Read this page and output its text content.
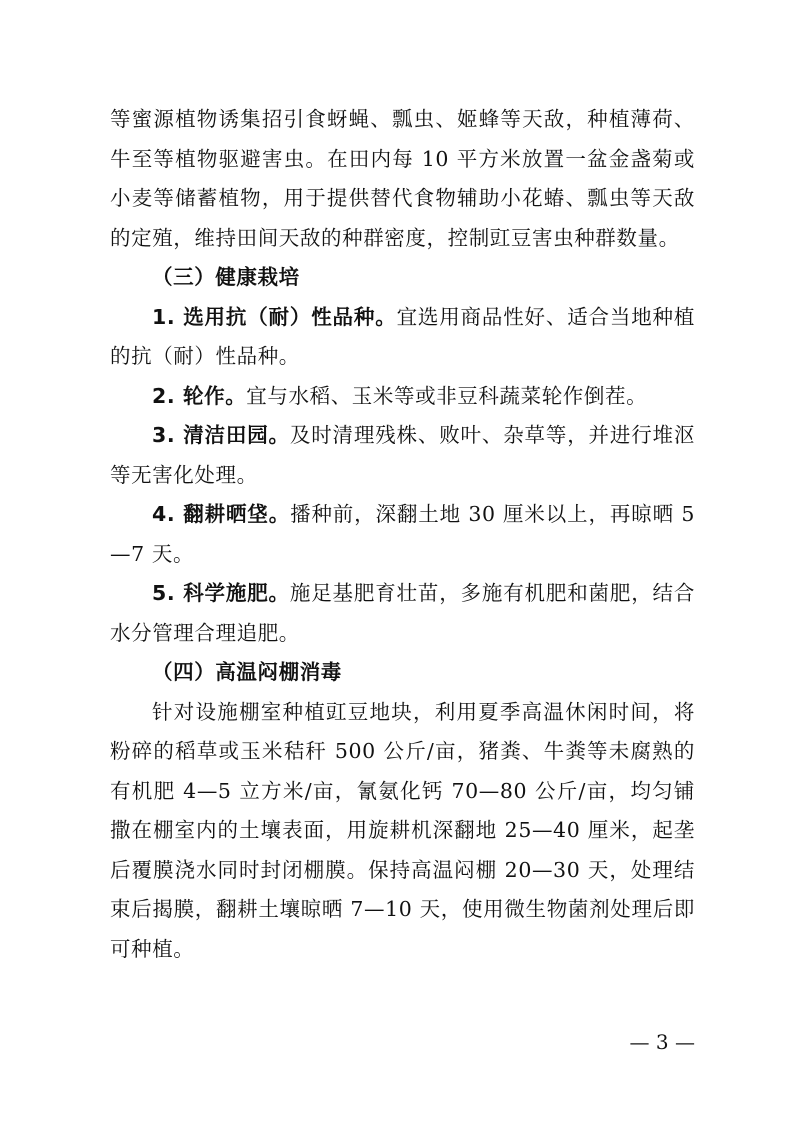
等蜜源植物诱集招引食蚜蝇、瓢虫、姬蜂等天敌，种植薄荷、牛至等植物驱避害虫。在田内每 10 平方米放置一盆金盏菊或小麦等储蓄植物，用于提供替代食物辅助小花蝽、瓢虫等天敌的定殖，维持田间天敌的种群密度，控制豇豆害虫种群数量。

（三）健康栽培

1. 选用抗（耐）性品种。宜选用商品性好、适合当地种植的抗（耐）性品种。

2. 轮作。宜与水稻、玉米等或非豆科蔬菜轮作倒茬。

3. 清洁田园。及时清理残株、败叶、杂草等，并进行堆沤等无害化处理。

4. 翻耕晒垡。播种前，深翻土地 30 厘米以上，再晾晒 5—7 天。

5. 科学施肥。施足基肥育壮苗，多施有机肥和菌肥，结合水分管理合理追肥。

（四）高温闷棚消毒

针对设施棚室种植豇豆地块，利用夏季高温休闲时间，将粉碎的稻草或玉米秸秆 500 公斤/亩，猪粪、牛粪等未腐熟的有机肥 4—5 立方米/亩，氰氨化钙 70—80 公斤/亩，均匀铺撒在棚室内的土壤表面，用旋耕机深翻地 25—40 厘米，起垄后覆膜浇水同时封闭棚膜。保持高温闷棚 20—30 天，处理结束后揭膜，翻耕土壤晾晒 7—10 天，使用微生物菌剂处理后即可种植。

— 3 —
